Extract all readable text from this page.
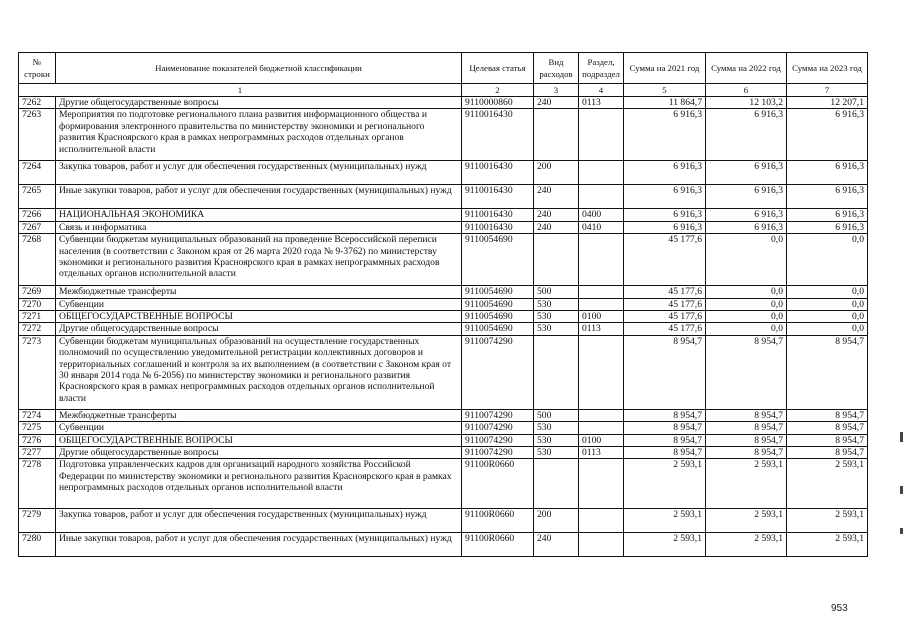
№ строки	Наименование показателей бюджетной классификации	Целевая статья	Вид расходов	Раздел, подраздел	Сумма на 2021 год	Сумма на 2022 год	Сумма на 2023 год
1		2	3	4	5	6	7
7262	Другие общегосударственные вопросы	9110000860	240	0113	11 864,7	12 103,2	12 207,1
7263	Мероприятия по подготовке регионального плана развития информационного общества и формирования электронного правительства по министерству экономики и регионального развития Красноярского края в рамках непрограммных расходов отдельных органов исполнительной власти	9110016430			6 916,3	6 916,3	6 916,3
7264	Закупка товаров, работ и услуг для обеспечения государственных (муниципальных) нужд	9110016430	200		6 916,3	6 916,3	6 916,3
7265	Иные закупки товаров, работ и услуг для обеспечения государственных (муниципальных) нужд	9110016430	240		6 916,3	6 916,3	6 916,3
7266	НАЦИОНАЛЬНАЯ ЭКОНОМИКА	9110016430	240	0400	6 916,3	6 916,3	6 916,3
7267	Связь и информатика	9110016430	240	0410	6 916,3	6 916,3	6 916,3
7268	Субвенции бюджетам муниципальных образований на проведение Всероссийской переписи населения (в соответствии с Законом края от 26 марта 2020 года № 9-3762) по министерству экономики и регионального развития Красноярского края в рамках непрограммных расходов отдельных органов исполнительной власти	9110054690			45 177,6	0,0	0,0
7269	Межбюджетные трансферты	9110054690	500		45 177,6	0,0	0,0
7270	Субвенции	9110054690	530		45 177,6	0,0	0,0
7271	ОБЩЕГОСУДАРСТВЕННЫЕ ВОПРОСЫ	9110054690	530	0100	45 177,6	0,0	0,0
7272	Другие общегосударственные вопросы	9110054690	530	0113	45 177,6	0,0	0,0
7273	Субвенции бюджетам муниципальных образований на осуществление государственных полномочий по осуществлению уведомительной регистрации коллективных договоров и территориальных соглашений и контроля за их выполнением (в соответствии с Законом края от 30 января 2014 года № 6-2056) по министерству экономики и регионального развития Красноярского края в рамках непрограммных расходов отдельных органов исполнительной власти	9110074290			8 954,7	8 954,7	8 954,7
7274	Межбюджетные трансферты	9110074290	500		8 954,7	8 954,7	8 954,7
7275	Субвенции	9110074290	530		8 954,7	8 954,7	8 954,7
7276	ОБЩЕГОСУДАРСТВЕННЫЕ ВОПРОСЫ	9110074290	530	0100	8 954,7	8 954,7	8 954,7
7277	Другие общегосударственные вопросы	9110074290	530	0113	8 954,7	8 954,7	8 954,7
7278	Подготовка управленческих кадров для организаций народного хозяйства Российской Федерации по министерству экономики и регионального развития Красноярского края в рамках непрограммных расходов отдельных органов исполнительной власти	91100R0660			2 593,1	2 593,1	2 593,1
7279	Закупка товаров, работ и услуг для обеспечения государственных (муниципальных) нужд	91100R0660	200		2 593,1	2 593,1	2 593,1
7280	Иные закупки товаров, работ и услуг для обеспечения государственных (муниципальных) нужд	91100R0660	240		2 593,1	2 593,1	2 593,1
953
